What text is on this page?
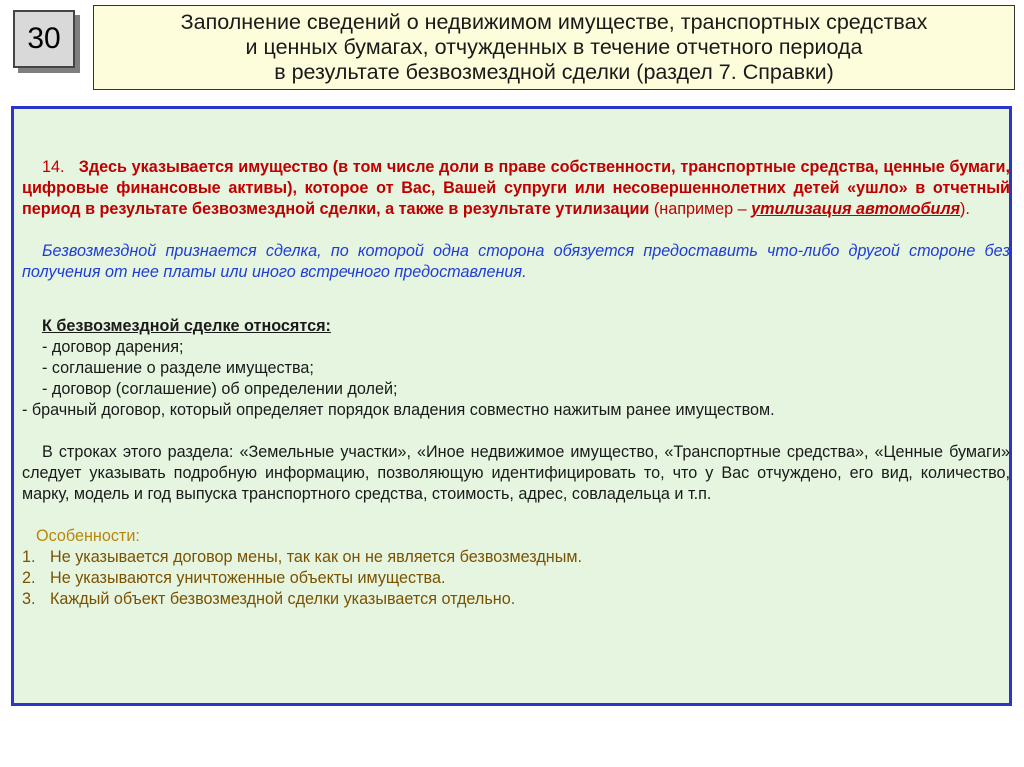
30	Заполнение сведений о недвижимом имуществе, транспортных средствах
и ценных бумагах, отчужденных в течение отчетного периода
в результате безвозмездной сделки (раздел 7. Справки)

14. Здесь указывается имущество (в том числе доли в праве собственности, транспортные средства, ценные бумаги, цифровые финансовые активы), которое от Вас, Вашей супруги или несовершеннолетних детей «ушло» в отчетный период в результате безвозмездной сделки, а также в результате утилизации (например – утилизация автомобиля).

Безвозмездной признается сделка, по которой одна сторона обязуется предоставить что-либо другой стороне без получения от нее платы или иного встречного предоставления.

К безвозмездной сделке относятся:

- договор дарения;

- соглашение о разделе имущества;

- договор (соглашение) об определении долей;

- брачный договор, который определяет порядок владения совместно нажитым ранее имуществом.

В строках этого раздела: «Земельные участки», «Иное недвижимое имущество, «Транспортные средства», «Ценные бумаги» следует указывать подробную информацию, позволяющую идентифицировать то, что у Вас отчуждено, его вид, количество, марку, модель и год выпуска транспортного средства, стоимость, адрес, совладельца и т.п.

Особенности:

1. Не указывается договор мены, так как он не является безвозмездным.

2. Не указываются уничтоженные объекты имущества.

3. Каждый объект безвозмездной сделки указывается отдельно.
